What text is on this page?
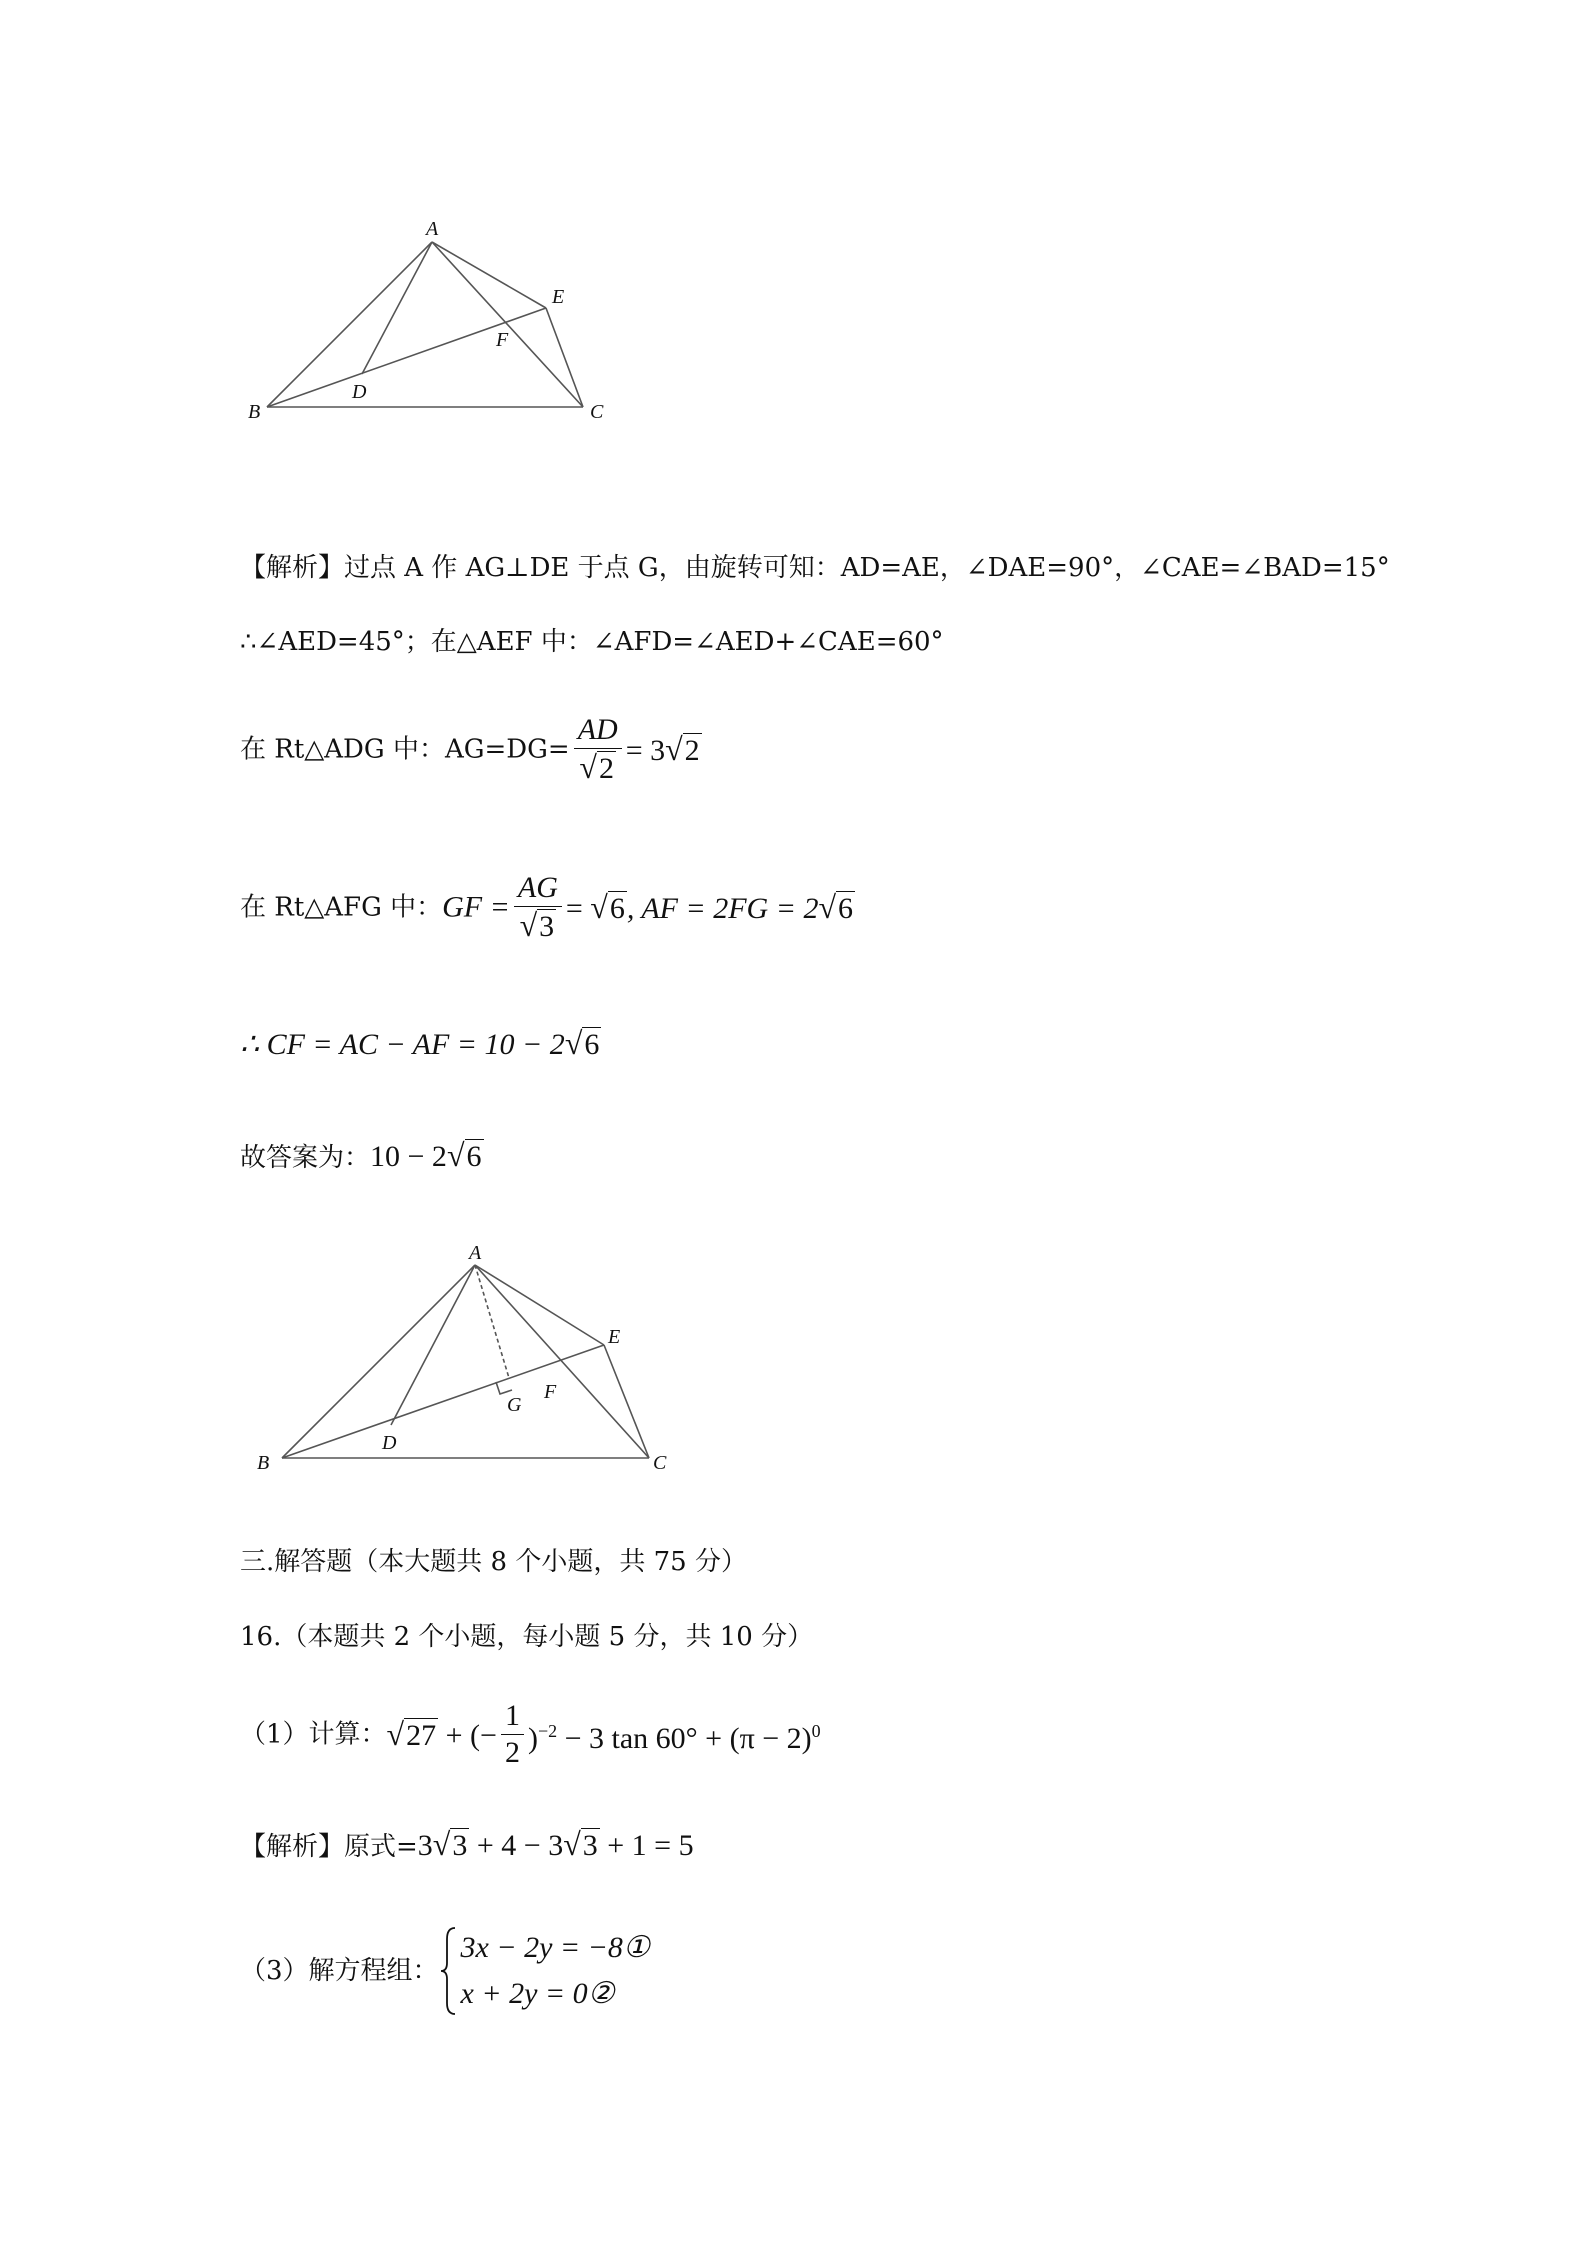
A
B	C
D
E
F
【解析】过点 A 作 AG⊥DE 于点 G，由旋转可知：AD=AE，∠DAE=90°，∠CAE=∠BAD=15°
∴∠AED=45°；在△AEF 中：∠AFD=∠AED+∠CAE=60°
在 Rt△ADG 中：$AG=DG= \frac{AD}{√2} = 3√2$
在 Rt△AFG 中：GF = $\frac{AG}{√3} = √6$, AF = 2FG = 2√6
∴ CF = AC − AF = 10 − 2√6
故答案为：10 − 2√6
A
B	C
D
E
F
G
三.解答题（本大题共 8 个小题，共 75 分）
16.（本题共 2 个小题，每小题 5 分，共 10 分）
（1）计算：√27 + (− $\frac{1}{2} )^{-2} - 3$ $\tan 60^\circ + (\pi - 2)^0$
【解析】原式=3√3 + 4 − 3√3 + 1 = 5
（3）解方程组：
3x − 2y = −8①
x + 2y = 0②
